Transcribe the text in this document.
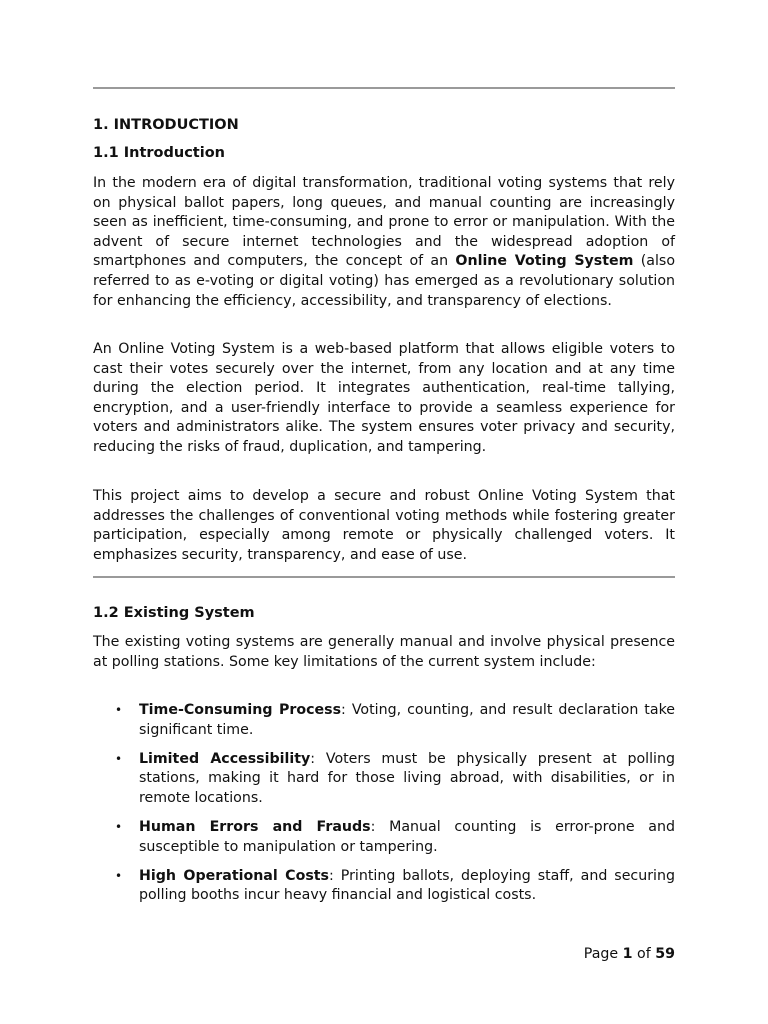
1. INTRODUCTION
1.1 Introduction

In the modern era of digital transformation, traditional voting systems that rely on physical ballot papers, long queues, and manual counting are increasingly seen as inefficient, time-consuming, and prone to error or manipulation. With the advent of secure internet technologies and the widespread adoption of smartphones and computers, the concept of an Online Voting System (also referred to as e-voting or digital voting) has emerged as a revolutionary solution for enhancing the efficiency, accessibility, and transparency of elections.

An Online Voting System is a web-based platform that allows eligible voters to cast their votes securely over the internet, from any location and at any time during the election period. It integrates authentication, real-time tallying, encryption, and a user-friendly interface to provide a seamless experience for voters and administrators alike. The system ensures voter privacy and security, reducing the risks of fraud, duplication, and tampering.

This project aims to develop a secure and robust Online Voting System that addresses the challenges of conventional voting methods while fostering greater participation, especially among remote or physically challenged voters. It emphasizes security, transparency, and ease of use.

1.2 Existing System

The existing voting systems are generally manual and involve physical presence at polling stations. Some key limitations of the current system include:

• Time-Consuming Process: Voting, counting, and result declaration take significant time.
• Limited Accessibility: Voters must be physically present at polling stations, making it hard for those living abroad, with disabilities, or in remote locations.
• Human Errors and Frauds: Manual counting is error-prone and susceptible to manipulation or tampering.
• High Operational Costs: Printing ballots, deploying staff, and securing polling booths incur heavy financial and logistical costs.
Page 1 of 59
